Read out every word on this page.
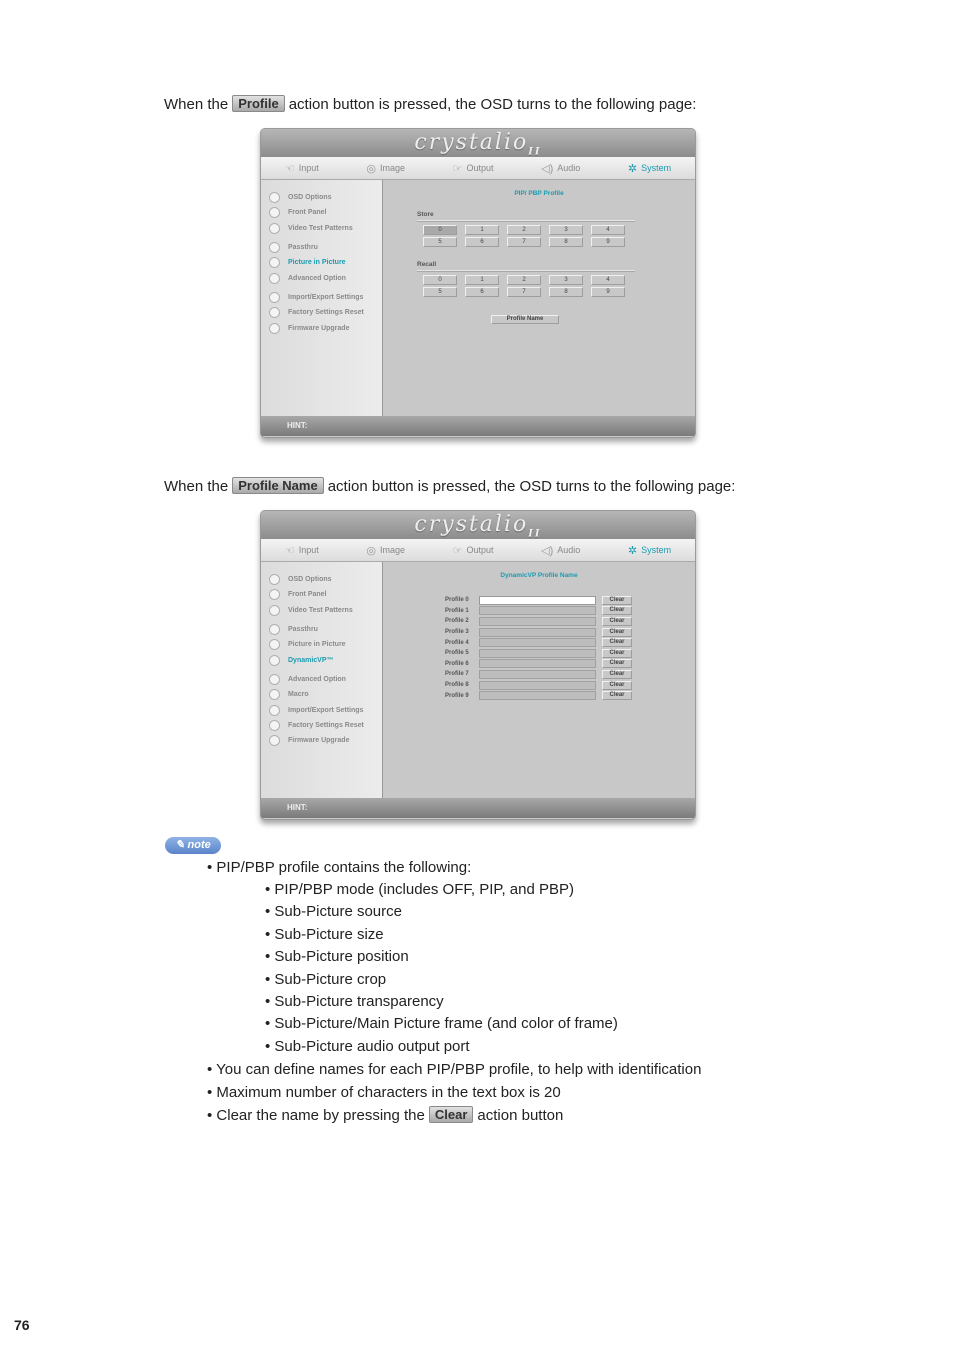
When the Profile action button is pressed, the OSD turns to the following page:
crystalio$_{II}$
☜ Input	◎ Image	☞ Output	◁) Audio	✲ System
OSD Options
Front Panel
Video Test Patterns
Passthru
Picture in Picture
Advanced Option
Import/Export Settings
Factory Settings Reset
Firmware Upgrade
PIP/ PBP Profile
Store
0	1	2	3	4
5	6	7	8	9
Recall
0	1	2	3	4
5	6	7	8	9
Profile Name
HINT:
When the Profile Name action button is pressed, the OSD turns to the following page:
crystalio$_{II}$
☜ Input	◎ Image	☞ Output	◁) Audio	✲ System
OSD Options
Front Panel
Video Test Patterns
Passthru
Picture in Picture
DynamicVP™
Advanced Option
Macro
Import/Export Settings
Factory Settings Reset
Firmware Upgrade
DynamicVP Profile Name
Profile 0	Clear
Profile 1	Clear
Profile 2	Clear
Profile 3	Clear
Profile 4	Clear
Profile 5	Clear
Profile 6	Clear
Profile 7	Clear
Profile 8	Clear
Profile 9	Clear
HINT:
✎ note
• PIP/PBP profile contains the following:
• PIP/PBP mode (includes OFF, PIP, and PBP)
• Sub-Picture source
• Sub-Picture size
• Sub-Picture position
• Sub-Picture crop
• Sub-Picture transparency
• Sub-Picture/Main Picture frame (and color of frame)
• Sub-Picture audio output port
• You can define names for each PIP/PBP profile, to help with identification
• Maximum number of characters in the text box is 20
• Clear the name by pressing the Clear action button
76
